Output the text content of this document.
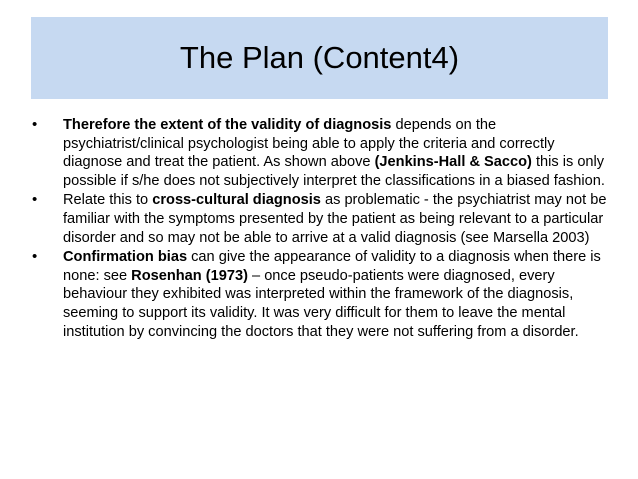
The Plan (Content4)
•	Therefore the extent of the validity of diagnosis depends on the psychiatrist/clinical psychologist being able to apply the criteria and correctly diagnose and treat the patient. As shown above (Jenkins-Hall & Sacco) this is only possible if s/he does not subjectively interpret the classifications in a biased fashion.
•	Relate this to cross-cultural diagnosis as problematic - the psychiatrist may not be familiar with the symptoms presented by the patient as being relevant to a particular disorder and so may not be able to arrive at a valid diagnosis (see Marsella 2003)
•	Confirmation bias can give the appearance of validity to a diagnosis when there is none: see Rosenhan (1973) – once pseudo-patients were diagnosed, every behaviour they exhibited was interpreted within the framework of the diagnosis, seeming to support its validity. It was very difficult for them to leave the mental institution by convincing the doctors that they were not suffering from a disorder.
